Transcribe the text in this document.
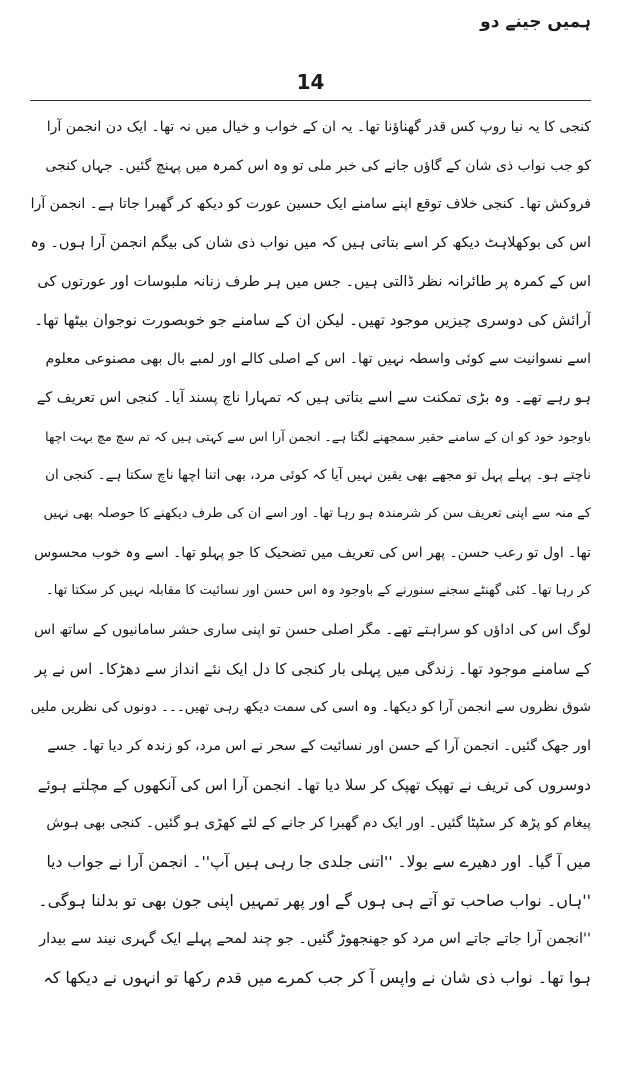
ہمیں جینے دو
14
کنجی کا یہ نیا روپ کس قدر گھناؤنا تھا۔ یہ ان کے خواب و خیال میں نہ تھا۔ ایک دن انجمن آرا
کو جب نواب ذی شان کے گاؤں جانے کی خبر ملی تو وہ اس کمرہ میں پہنچ گئیں۔ جہاں کنجی
فروکش تھا۔ کنجی خلاف توقع اپنے سامنے ایک حسین عورت کو دیکھ کر گھبرا جاتا ہے۔ انجمن آرا
اس کی بوکھلاہٹ دیکھ کر اسے بتاتی ہیں کہ میں نواب ذی شان کی بیگم انجمن آرا ہوں۔ وہ
اس کے کمرہ پر طائرانہ نظر ڈالتی ہیں۔ جس میں ہر طرف زنانہ ملبوسات اور عورتوں کی
آرائش کی دوسری چیزیں موجود تھیں۔ لیکن ان کے سامنے جو خوبصورت نوجوان بیٹھا تھا۔
اسے نسوانیت سے کوئی واسطہ نہیں تھا۔ اس کے اصلی کالے اور لمبے بال بھی مصنوعی معلوم
ہو رہے تھے۔ وہ بڑی تمکنت سے اسے بتاتی ہیں کہ تمہارا ناچ پسند آیا۔ کنجی اس تعریف کے
باوجود خود کو ان کے سامنے حقیر سمجھنے لگتا ہے۔ انجمن آرا اس سے کہتی ہیں کہ تم سچ مچ بہت اچھا
ناچتے ہو۔ پہلے پہل تو مجھے بھی یقین نہیں آیا کہ کوئی مرد، بھی اتنا اچھا ناچ سکتا ہے۔ کنجی ان
کے منہ سے اپنی تعریف سن کر شرمندہ ہو رہا تھا۔ اور اسے ان کی طرف دیکھنے کا حوصلہ بھی نہیں
تھا۔ اول تو رعب حسن۔ پھر اس کی تعریف میں تضحیک کا جو پہلو تھا۔ اسے وہ خوب محسوس
کر رہا تھا۔ کئی گھنٹے سجنے سنورنے کے باوجود وہ اس حسن اور نسائیت کا مقابلہ نہیں کر سکتا تھا۔
لوگ اس کی اداؤں کو سراہتے تھے۔ مگر اصلی حسن تو اپنی ساری حشر سامانیوں کے ساتھ اس
کے سامنے موجود تھا۔ زندگی میں پہلی بار کنجی کا دل ایک نئے انداز سے دھڑکا۔ اس نے پر
شوق نظروں سے انجمن آرا کو دیکھا۔ وہ اسی کی سمت دیکھ رہی تھیں۔۔۔ دونوں کی نظریں ملیں
اور جھک گئیں۔ انجمن آرا کے حسن اور نسائیت کے سحر نے اس مرد، کو زندہ کر دیا تھا۔ جسے
دوسروں کی تریف نے تھپک تھپک کر سلا دیا تھا۔ انجمن آرا اس کی آنکھوں کے مچلتے ہوئے
پیغام کو پڑھ کر سٹپٹا گئیں۔ اور ایک دم گھبرا کر جانے کے لئے کھڑی ہو گئیں۔ کنجی بھی ہوش
میں آ گیا۔ اور دھیرے سے بولا۔ ''اتنی جلدی جا رہی ہیں آپ''۔ انجمن آرا نے جواب دیا
''ہاں۔ نواب صاحب تو آتے ہی ہوں گے اور پھر تمہیں اپنی جون بھی تو بدلنا ہوگی۔
''انجمن آرا جاتے جاتے اس مرد کو جھنجھوڑ گئیں۔ جو چند لمحے پہلے ایک گہری نیند سے بیدار
ہوا تھا۔ نواب ذی شان نے واپس آ کر جب کمرے میں قدم رکھا تو انہوں نے دیکھا کہ
